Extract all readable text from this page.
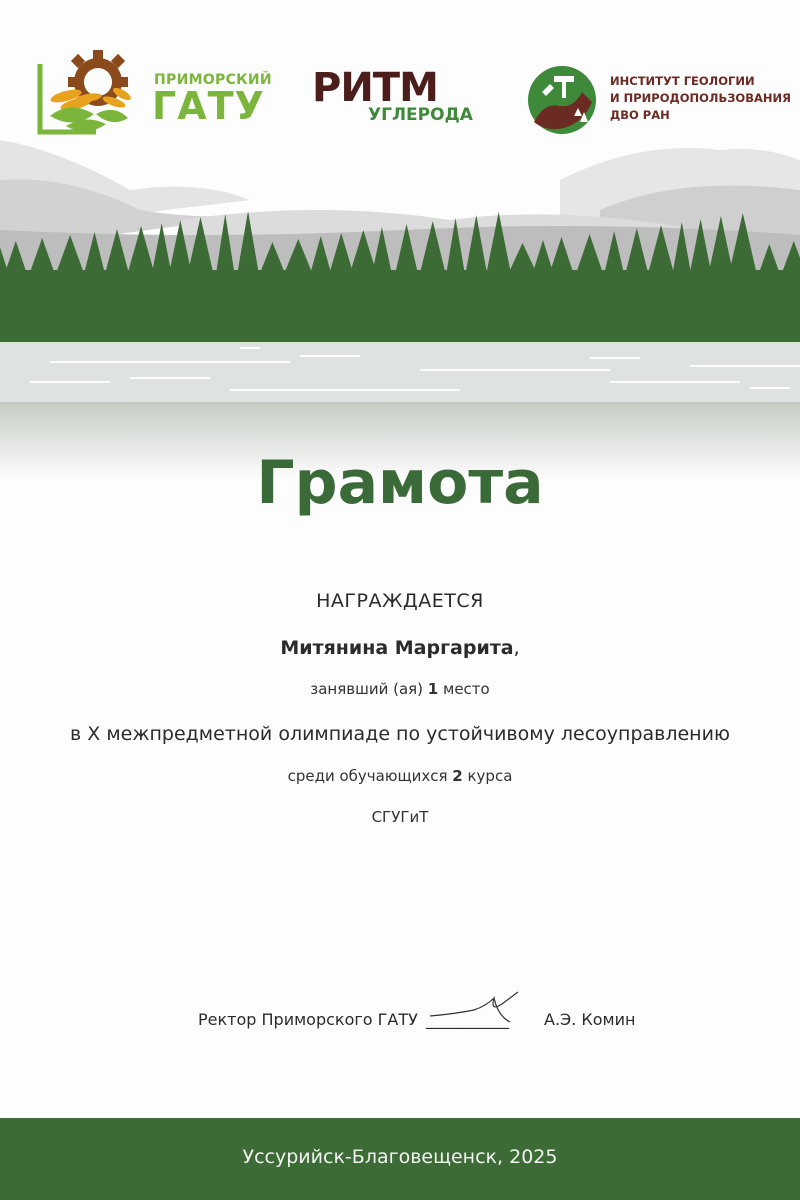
ПРИМОРСКИЙ
ГАТУ РИТМ
УГЛЕРОДА
ИНСТИТУТ ГЕОЛОГИИ
И ПРИРОДОПОЛЬЗОВАНИЯ
ДВО РАН
Грамота
НАГРАЖДАЕТСЯ
Митянина Маргарита,
занявший (ая) 1 место
в X межпредметной олимпиаде по устойчивому лесоуправлению
среди обучающихся 2 курса
СГУГиТ
Ректор Приморского ГАТУ ___________ А.Э. Комин
Уссурийск-Благовещенск, 2025
